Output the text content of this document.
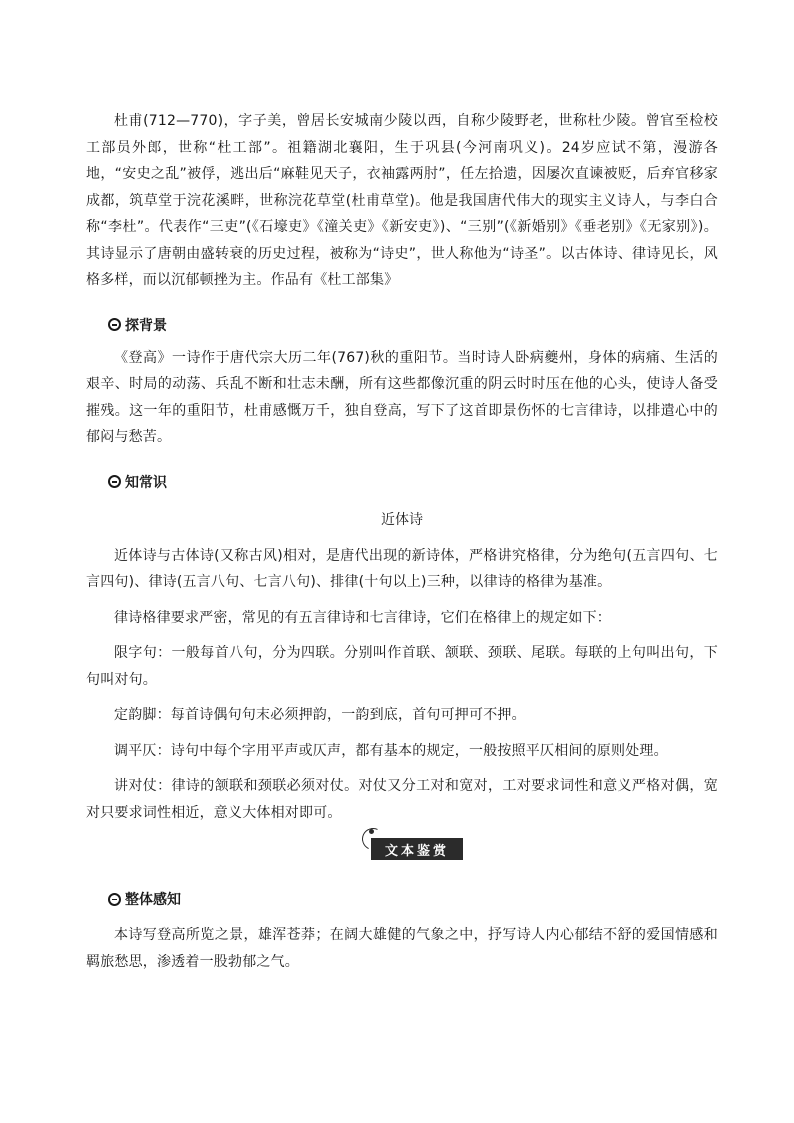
杜甫(712—770)，字子美，曾居长安城南少陵以西，自称少陵野老，世称杜少陵。曾官至检校工部员外郎，世称“杜工部”。祖籍湖北襄阳，生于巩县(今河南巩义)。24岁应试不第，漫游各地，“安史之乱”被俘，逃出后“麻鞋见天子，衣袖露两肘”，任左拾遗，因屡次直谏被贬，后弃官移家成都，筑草堂于浣花溪畔，世称浣花草堂(杜甫草堂)。他是我国唐代伟大的现实主义诗人，与李白合称“李杜”。代表作“三吏”(《石壕吏》《潼关吏》《新安吏》)、“三别”(《新婚别》《垂老别》《无家别》)。其诗显示了唐朝由盛转衰的历史过程，被称为“诗史”，世人称他为“诗圣”。以古体诗、律诗见长，风格多样，而以沉郁顿挫为主。作品有《杜工部集》

探背景

《登高》一诗作于唐代宗大历二年(767)秋的重阳节。当时诗人卧病夔州，身体的病痛、生活的艰辛、时局的动荡、兵乱不断和壮志未酬，所有这些都像沉重的阴云时时压在他的心头，使诗人备受摧残。这一年的重阳节，杜甫感慨万千，独自登高，写下了这首即景伤怀的七言律诗，以排遣心中的郁闷与愁苦。

知常识
近体诗

近体诗与古体诗(又称古风)相对，是唐代出现的新诗体，严格讲究格律，分为绝句(五言四句、七言四句)、律诗(五言八句、七言八句)、排律(十句以上)三种，以律诗的格律为基准。

律诗格律要求严密，常见的有五言律诗和七言律诗，它们在格律上的规定如下：

限字句：一般每首八句，分为四联。分别叫作首联、颔联、颈联、尾联。每联的上句叫出句，下句叫对句。

定韵脚：每首诗偶句句末必须押韵，一韵到底，首句可押可不押。

调平仄：诗句中每个字用平声或仄声，都有基本的规定，一般按照平仄相间的原则处理。

讲对仗：律诗的颔联和颈联必须对仗。对仗又分工对和宽对，工对要求词性和意义严格对偶，宽对只要求词性相近，意义大体相对即可。

文本鉴赏
整体感知

本诗写登高所览之景，雄浑苍莽；在阔大雄健的气象之中，抒写诗人内心郁结不舒的爱国情感和羁旅愁思，渗透着一股勃郁之气。
